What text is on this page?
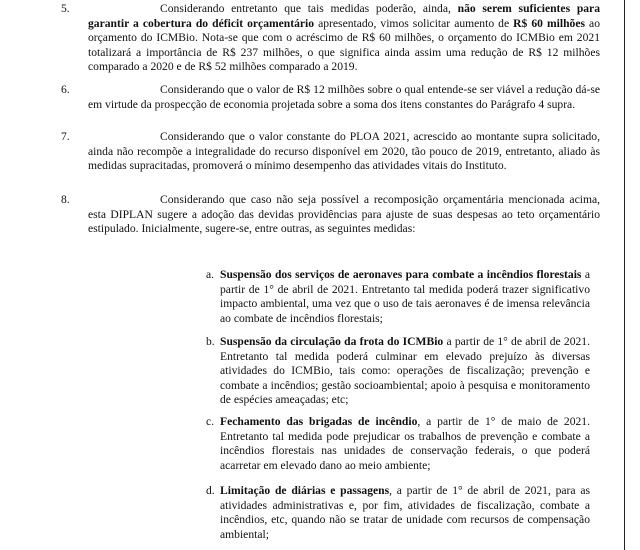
5.	Considerando entretanto que tais medidas poderão, ainda, não serem suficientes para garantir a cobertura do déficit orçamentário apresentado, vimos solicitar aumento de R$ 60 milhões ao orçamento do ICMBio. Nota-se que com o acréscimo de R$ 60 milhões, o orçamento do ICMBio em 2021 totalizará a importância de R$ 237 milhões, o que significa ainda assim uma redução de R$ 12 milhões comparado a 2020 e de R$ 52 milhões comparado a 2019.
6.	Considerando que o valor de R$ 12 milhões sobre o qual entende-se ser viável a redução dá-se em virtude da prospecção de economia projetada sobre a soma dos itens constantes do Parágrafo 4 supra.
7.	Considerando que o valor constante do PLOA 2021, acrescido ao montante supra solicitado, ainda não recompõe a integralidade do recurso disponível em 2020, tão pouco de 2019, entretanto, aliado às medidas supracitadas, promoverá o mínimo desempenho das atividades vitais do Instituto.
8.	Considerando que caso não seja possível a recomposição orçamentária mencionada acima, esta DIPLAN sugere a adoção das devidas providências para ajuste de suas despesas ao teto orçamentário estipulado. Inicialmente, sugere-se, entre outras, as seguintes medidas:
a. Suspensão dos serviços de aeronaves para combate a incêndios florestais a partir de 1° de abril de 2021. Entretanto tal medida poderá trazer significativo impacto ambiental, uma vez que o uso de tais aeronaves é de imensa relevância ao combate de incêndios florestais;
b. Suspensão da circulação da frota do ICMBio a partir de 1° de abril de 2021. Entretanto tal medida poderá culminar em elevado prejuízo às diversas atividades do ICMBio, tais como: operações de fiscalização; prevenção e combate a incêndios; gestão socioambiental; apoio à pesquisa e monitoramento de espécies ameaçadas; etc;
c. Fechamento das brigadas de incêndio, a partir de 1° de maio de 2021. Entretanto tal medida pode prejudicar os trabalhos de prevenção e combate a incêndios florestais nas unidades de conservação federais, o que poderá acarretar em elevado dano ao meio ambiente;
d. Limitação de diárias e passagens, a partir de 1° de abril de 2021, para as atividades administrativas e, por fim, atividades de fiscalização, combate a incêndios, etc, quando não se tratar de unidade com recursos de compensação ambiental;
